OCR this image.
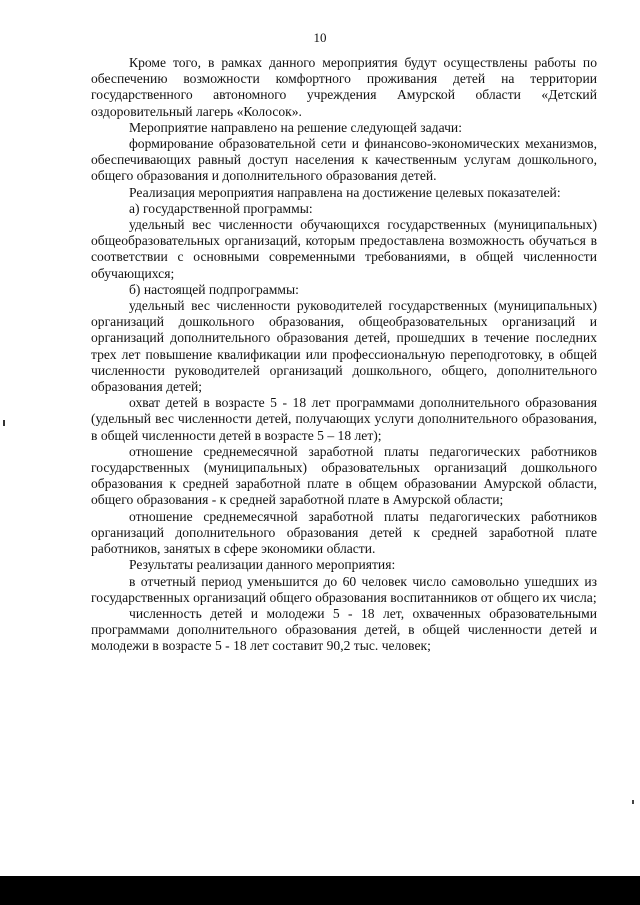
10

Кроме того, в рамках данного мероприятия будут осуществлены работы по обеспечению возможности комфортного проживания детей на территории государственного автономного учреждения Амурской области «Детский оздоровительный лагерь «Колосок».

Мероприятие направлено на решение следующей задачи:

формирование образовательной сети и финансово-экономических механизмов, обеспечивающих равный доступ населения к качественным услугам дошкольного, общего образования и дополнительного образования детей.

Реализация мероприятия направлена на достижение целевых показателей:

а) государственной программы:

удельный вес численности обучающихся государственных (муниципальных) общеобразовательных организаций, которым предоставлена возможность обучаться в соответствии с основными современными требованиями, в общей численности обучающихся;

б) настоящей подпрограммы:

удельный вес численности руководителей государственных (муниципальных) организаций дошкольного образования, общеобразовательных организаций и организаций дополнительного образования детей, прошедших в течение последних трех лет повышение квалификации или профессиональную переподготовку, в общей численности руководителей организаций дошкольного, общего, дополнительного образования детей;

охват детей в возрасте 5 - 18 лет программами дополнительного образования (удельный вес численности детей, получающих услуги дополнительного образования, в общей численности детей в возрасте 5 – 18 лет);

отношение среднемесячной заработной платы педагогических работников государственных (муниципальных) образовательных организаций дошкольного образования к средней заработной плате в общем образовании Амурской области, общего образования - к средней заработной плате в Амурской области;

отношение среднемесячной заработной платы педагогических работников организаций дополнительного образования детей к средней заработной плате работников, занятых в сфере экономики области.

Результаты реализации данного мероприятия:

в отчетный период уменьшится до 60 человек число самовольно ушедших из государственных организаций общего образования воспитанников от общего их числа;

численность детей и молодежи 5 - 18 лет, охваченных образовательными программами дополнительного образования детей, в общей численности детей и молодежи в возрасте 5 - 18 лет составит 90,2 тыс. человек;
